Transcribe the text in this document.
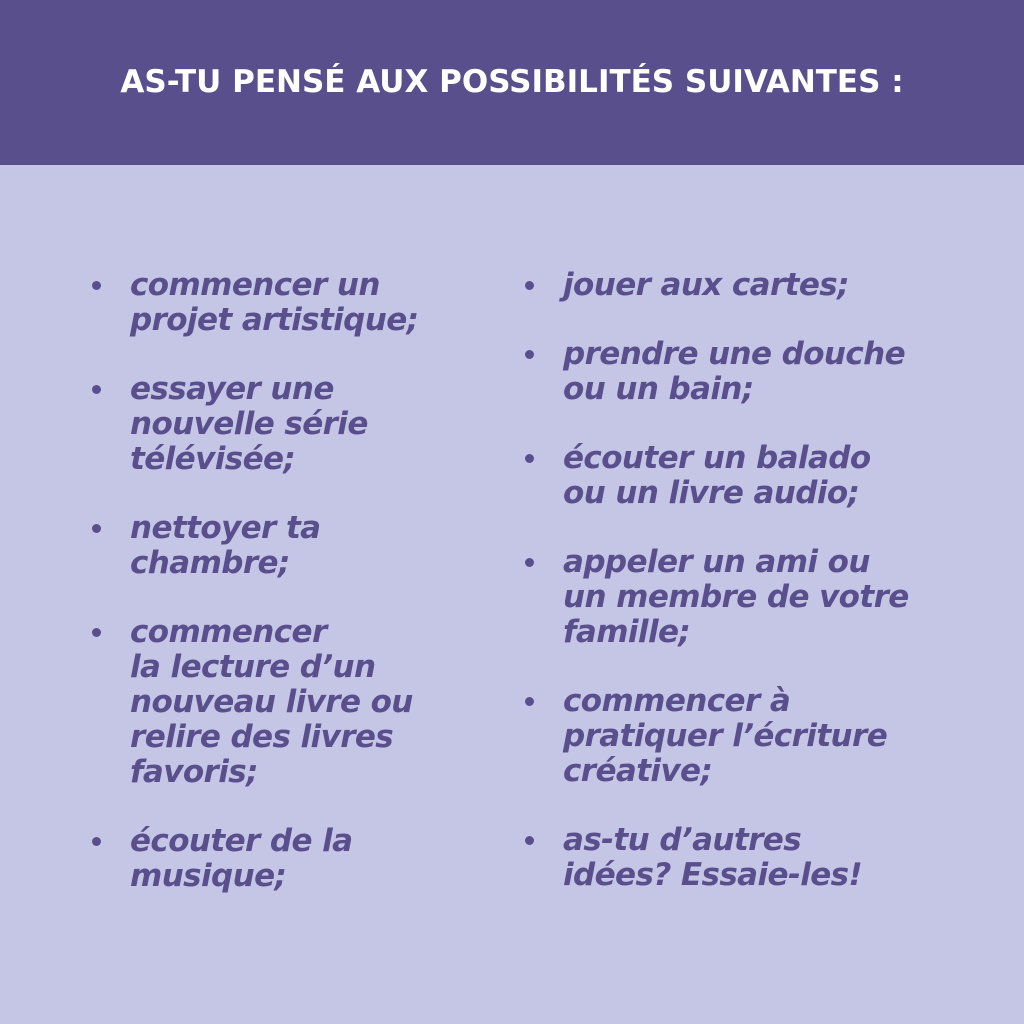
AS-TU PENSÉ AUX POSSIBILITÉS SUIVANTES :
commencer un
projet artistique;
essayer une
nouvelle série
télévisée;
nettoyer ta
chambre;
commencer
la lecture d’un
nouveau livre ou
relire des livres
favoris;
écouter de la
musique;
jouer aux cartes;
prendre une douche
ou un bain;
écouter un balado
ou un livre audio;
appeler un ami ou
un membre de votre
famille;
commencer à
pratiquer l’écriture
créative;
as-tu d’autres
idées? Essaie-les!
